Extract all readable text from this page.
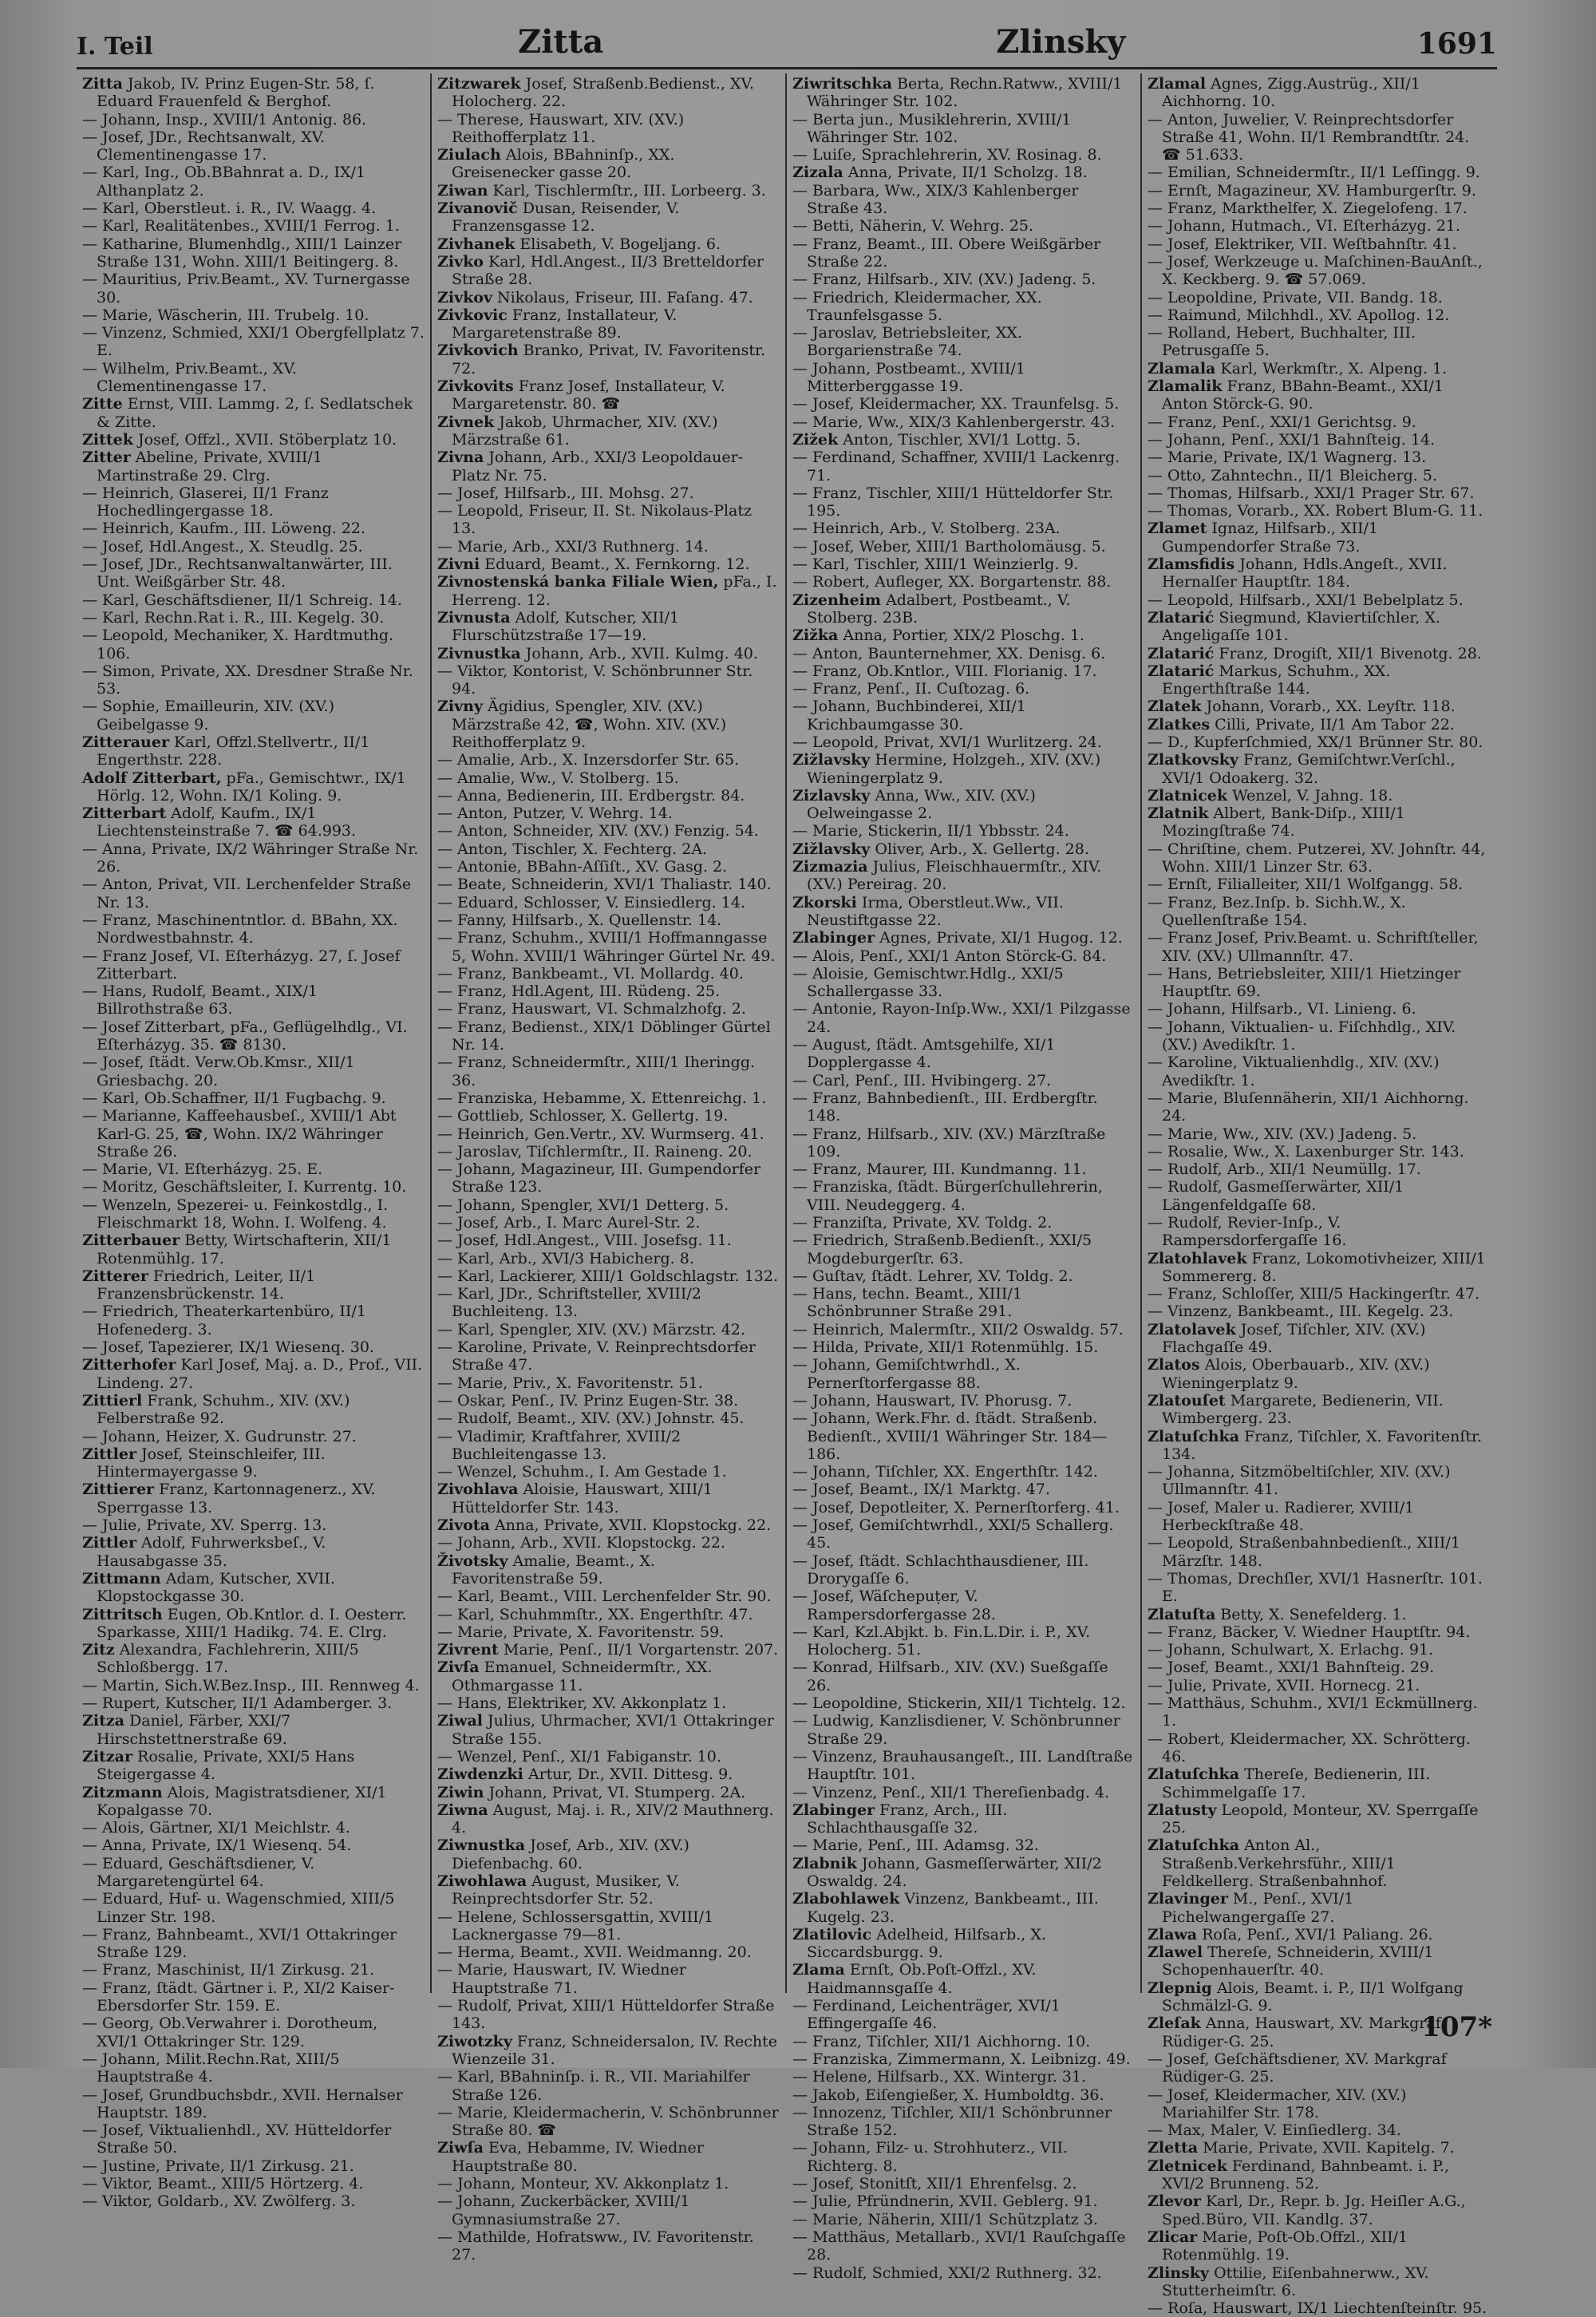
I. Teil	Zitta	Zlinsky	1691

Zitta Jakob, IV. Prinz Eugen-Str. 58, ſ. Eduard Frauenfeld & Berghof.

— Johann, Insp., XVIII/1 Antonig. 86.

— Josef, JDr., Rechtsanwalt, XV. Clementinengasse 17.

— Karl, Ing., Ob.BBahnrat a. D., IX/1 Althanplatz 2.

— Karl, Oberstleut. i. R., IV. Waagg. 4.

— Karl, Realitätenbes., XVIII/1 Ferrog. 1.

— Katharine, Blumenhdlg., XIII/1 Lainzer Straße 131, Wohn. XIII/1 Beitingerg. 8.

— Mauritius, Priv.Beamt., XV. Turnergasse 30.

— Marie, Wäscherin, III. Trubelg. 10.

— Vinzenz, Schmied, XXI/1 Obergfellplatz 7. E.

— Wilhelm, Priv.Beamt., XV. Clementinengasse 17.

Zitte Ernst, VIII. Lammg. 2, ſ. Sedlatschek & Zitte.

Zittek Josef, Offzl., XVII. Stöberplatz 10.

Zitter Abeline, Private, XVIII/1 Martinstraße 29. Clrg.

— Heinrich, Glaserei, II/1 Franz Hochedlingergasse 18.

— Heinrich, Kaufm., III. Löweng. 22.

— Josef, Hdl.Angest., X. Steudlg. 25.

— Josef, JDr., Rechtsanwaltanwärter, III. Unt. Weißgärber Str. 48.

— Karl, Geschäftsdiener, II/1 Schreig. 14.

— Karl, Rechn.Rat i. R., III. Kegelg. 30.

— Leopold, Mechaniker, X. Hardtmuthg. 106.

— Simon, Private, XX. Dresdner Straße Nr. 53.

— Sophie, Emailleurin, XIV. (XV.) Geibelgasse 9.

Zitterauer Karl, Offzl.Stellvertr., II/1 Engerthstr. 228.

Adolf Zitterbart, pFa., Gemischtwr., IX/1 Hörlg. 12, Wohn. IX/1 Koling. 9.

Zitterbart Adolf, Kaufm., IX/1 Liechtensteinstraße 7. ☎ 64.993.

— Anna, Private, IX/2 Währinger Straße Nr. 26.

— Anton, Privat, VII. Lerchenfelder Straße Nr. 13.

— Franz, Maschinentntlor. d. BBahn, XX. Nordwestbahnstr. 4.

— Franz Josef, VI. Eſterházyg. 27, ſ. Josef Zitterbart.

— Hans, Rudolf, Beamt., XIX/1 Billrothstraße 63.

— Josef Zitterbart, pFa., Geflügelhdlg., VI. Eſterházyg. 35. ☎ 8130.

— Josef, ſtädt. Verw.Ob.Kmsr., XII/1 Griesbachg. 20.

— Karl, Ob.Schaffner, II/1 Fugbachg. 9.

— Marianne, Kaffeehausbeſ., XVIII/1 Abt Karl-G. 25, ☎, Wohn. IX/2 Währinger Straße 26.

— Marie, VI. Eſterházyg. 25. E.

— Moritz, Geschäftsleiter, I. Kurrentg. 10.

— Wenzeln, Spezerei- u. Feinkostdlg., I. Fleischmarkt 18, Wohn. I. Wolfeng. 4.

Zitterbauer Betty, Wirtschafterin, XII/1 Rotenmühlg. 17.

Zitterer Friedrich, Leiter, II/1 Franzensbrückenstr. 14.

— Friedrich, Theaterkartenbüro, II/1 Hofenederg. 3.

— Josef, Tapezierer, IX/1 Wiesenq. 30.

Zitterhofer Karl Josef, Maj. a. D., Prof., VII. Lindeng. 27.

Zittierl Frank, Schuhm., XIV. (XV.) Felberstraße 92.

— Johann, Heizer, X. Gudrunstr. 27.

Zittler Josef, Steinschleifer, III. Hintermayergasse 9.

Zittierer Franz, Kartonnagenerz., XV. Sperrgasse 13.

— Julie, Private, XV. Sperrg. 13.

Zittler Adolf, Fuhrwerksbeſ., V. Hausabgasse 35.

Zittmann Adam, Kutscher, XVII. Klopstockgasse 30.

Zittritsch Eugen, Ob.Kntlor. d. I. Oesterr. Sparkasse, XIII/1 Hadikg. 74. E. Clrg.

Zitz Alexandra, Fachlehrerin, XIII/5 Schloßbergg. 17.

— Martin, Sich.W.Bez.Insp., III. Rennweg 4.

— Rupert, Kutscher, II/1 Adamberger. 3.

Zitza Daniel, Färber, XXI/7 Hirschstettnerstraße 69.

Zitzar Rosalie, Private, XXI/5 Hans Steigergasse 4.

Zitzmann Alois, Magistratsdiener, XI/1 Kopalgasse 70.

— Alois, Gärtner, XI/1 Meichlstr. 4.

— Anna, Private, IX/1 Wiesenq. 54.

— Eduard, Geschäftsdiener, V. Margaretengürtel 64.

— Eduard, Huf- u. Wagenschmied, XIII/5 Linzer Str. 198.

— Franz, Bahnbeamt., XVI/1 Ottakringer Straße 129.

— Franz, Maschinist, II/1 Zirkusg. 21.

— Franz, ſtädt. Gärtner i. P., XI/2 Kaiser-Ebersdorfer Str. 159. E.

— Georg, Ob.Verwahrer i. Dorotheum, XVI/1 Ottakringer Str. 129.

— Johann, Milit.Rechn.Rat, XIII/5 Hauptstraße 4.

— Josef, Grundbuchsbdr., XVII. Hernalser Hauptstr. 189.

— Josef, Viktualienhdl., XV. Hütteldorfer Straße 50.

— Justine, Private, II/1 Zirkusg. 21.

— Viktor, Beamt., XIII/5 Hörtzerg. 4.

— Viktor, Goldarb., XV. Zwölferg. 3.

Zitzwarek Josef, Straßenb.Bedienst., XV. Holocherg. 22.

— Therese, Hauswart, XIV. (XV.) Reithofferplatz 11.

Ziulach Alois, BBahninſp., XX. Greisenecker gasse 20.

Ziwan Karl, Tischlermſtr., III. Lorbeerg. 3.

Zivanovič Dusan, Reisender, V. Franzensgasse 12.

Zivhanek Elisabeth, V. Bogeljang. 6.

Zivko Karl, Hdl.Angest., II/3 Bretteldorfer Straße 28.

Zivkov Nikolaus, Friseur, III. Faſang. 47.

Zivkovic Franz, Installateur, V. Margaretenstraße 89.

Zivkovich Branko, Privat, IV. Favoritenstr. 72.

Zivkovits Franz Josef, Installateur, V. Margaretenstr. 80. ☎

Zivnek Jakob, Uhrmacher, XIV. (XV.) Märzstraße 61.

Zivna Johann, Arb., XXI/3 Leopoldauer-Platz Nr. 75.

— Josef, Hilfsarb., III. Mohsg. 27.

— Leopold, Friseur, II. St. Nikolaus-Platz 13.

— Marie, Arb., XXI/3 Ruthnerg. 14.

Zivni Eduard, Beamt., X. Fernkorng. 12.

Zivnostenská banka Filiale Wien, pFa., I. Herreng. 12.

Zivnusta Adolf, Kutscher, XII/1 Flurschützstraße 17—19.

Zivnustka Johann, Arb., XVII. Kulmg. 40.

— Viktor, Kontorist, V. Schönbrunner Str. 94.

Zivny Ägidius, Spengler, XIV. (XV.) Märzstraße 42, ☎, Wohn. XIV. (XV.) Reithofferplatz 9.

— Amalie, Arb., X. Inzersdorfer Str. 65.

— Amalie, Ww., V. Stolberg. 15.

— Anna, Bedienerin, III. Erdbergstr. 84.

— Anton, Putzer, V. Wehrg. 14.

— Anton, Schneider, XIV. (XV.) Fenzig. 54.

— Anton, Tischler, X. Fechterg. 2A.

— Antonie, BBahn-Aſſiſt., XV. Gasg. 2.

— Beate, Schneiderin, XVI/1 Thaliastr. 140.

— Eduard, Schlosser, V. Einsiedlerg. 14.

— Fanny, Hilfsarb., X. Quellenstr. 14.

— Franz, Schuhm., XVIII/1 Hoffmanngasse 5, Wohn. XVIII/1 Währinger Gürtel Nr. 49.

— Franz, Bankbeamt., VI. Mollardg. 40.

— Franz, Hdl.Agent, III. Rüdeng. 25.

— Franz, Hauswart, VI. Schmalzhofg. 2.

— Franz, Bedienst., XIX/1 Döblinger Gürtel Nr. 14.

— Franz, Schneidermſtr., XIII/1 Iheringg. 36.

— Franziska, Hebamme, X. Ettenreichg. 1.

— Gottlieb, Schlosser, X. Gellertg. 19.

— Heinrich, Gen.Vertr., XV. Wurmserg. 41.

— Jaroslav, Tiſchlermſtr., II. Raineng. 20.

— Johann, Magazineur, III. Gumpendorfer Straße 123.

— Johann, Spengler, XVI/1 Detterg. 5.

— Josef, Arb., I. Marc Aurel-Str. 2.

— Josef, Hdl.Angest., VIII. Josefsg. 11.

— Karl, Arb., XVI/3 Habicherg. 8.

— Karl, Lackierer, XIII/1 Goldschlagstr. 132.

— Karl, JDr., Schriftsteller, XVIII/2 Buchleiteng. 13.

— Karl, Spengler, XIV. (XV.) Märzstr. 42.

— Karoline, Private, V. Reinprechtsdorfer Straße 47.

— Marie, Priv., X. Favoritenstr. 51.

— Oskar, Penſ., IV. Prinz Eugen-Str. 38.

— Rudolf, Beamt., XIV. (XV.) Johnstr. 45.

— Vladimir, Kraftfahrer, XVIII/2 Buchleitengasse 13.

— Wenzel, Schuhm., I. Am Gestade 1.

Zivohlava Aloisie, Hauswart, XIII/1 Hütteldorfer Str. 143.

Zivota Anna, Private, XVII. Klopstockg. 22.

— Johann, Arb., XVII. Klopstockg. 22.

Životsky Amalie, Beamt., X. Favoritenstraße 59.

— Karl, Beamt., VIII. Lerchenfelder Str. 90.

— Karl, Schuhmmſtr., XX. Engerthſtr. 47.

— Marie, Private, X. Favoritenstr. 59.

Zivrent Marie, Penſ., II/1 Vorgartenstr. 207.

Zivſa Emanuel, Schneidermſtr., XX. Othmargasse 11.

— Hans, Elektriker, XV. Akkonplatz 1.

Ziwal Julius, Uhrmacher, XVI/1 Ottakringer Straße 155.

— Wenzel, Penſ., XI/1 Fabiganstr. 10.

Ziwdenzki Artur, Dr., XVII. Dittesg. 9.

Ziwin Johann, Privat, VI. Stumperg. 2A.

Ziwna August, Maj. i. R., XIV/2 Mauthnerg. 4.

Ziwnustka Josef, Arb., XIV. (XV.) Diefenbachg. 60.

Ziwohlawa August, Musiker, V. Reinprechtsdorfer Str. 52.

— Helene, Schlossersgattin, XVIII/1 Lacknergasse 79—81.

— Herma, Beamt., XVII. Weidmanng. 20.

— Marie, Hauswart, IV. Wiedner Hauptstraße 71.

— Rudolf, Privat, XIII/1 Hütteldorfer Straße 143.

Ziwotzky Franz, Schneidersalon, IV. Rechte Wienzeile 31.

— Karl, BBahninſp. i. R., VII. Mariahilfer Straße 126.

— Marie, Kleidermacherin, V. Schönbrunner Straße 80. ☎

Ziwſa Eva, Hebamme, IV. Wiedner Hauptstraße 80.

— Johann, Monteur, XV. Akkonplatz 1.

— Johann, Zuckerbäcker, XVIII/1 Gymnasiumstraße 27.

— Mathilde, Hofratsww., IV. Favoritenstr. 27.

Ziwritschka Berta, Rechn.Ratww., XVIII/1 Währinger Str. 102.

— Berta jun., Musiklehrerin, XVIII/1 Währinger Str. 102.

— Luiſe, Sprachlehrerin, XV. Rosinag. 8.

Zizala Anna, Private, II/1 Scholzg. 18.

— Barbara, Ww., XIX/3 Kahlenberger Straße 43.

— Betti, Näherin, V. Wehrg. 25.

— Franz, Beamt., III. Obere Weißgärber Straße 22.

— Franz, Hilfsarb., XIV. (XV.) Jadeng. 5.

— Friedrich, Kleidermacher, XX. Traunfelsgasse 5.

— Jaroslav, Betriebsleiter, XX. Borgarienstraße 74.

— Johann, Postbeamt., XVIII/1 Mitterberggasse 19.

— Josef, Kleidermacher, XX. Traunfelsg. 5.

— Marie, Ww., XIX/3 Kahlenbergerstr. 43.

Zižek Anton, Tischler, XVI/1 Lottg. 5.

— Ferdinand, Schaffner, XVIII/1 Lackenrg. 71.

— Franz, Tischler, XIII/1 Hütteldorfer Str. 195.

— Heinrich, Arb., V. Stolberg. 23A.

— Josef, Weber, XIII/1 Bartholomäusg. 5.

— Karl, Tischler, XIII/1 Weinzierlg. 9.

— Robert, Aufleger, XX. Borgartenstr. 88.

Zizenheim Adalbert, Postbeamt., V. Stolberg. 23B.

Zižka Anna, Portier, XIX/2 Ploschg. 1.

— Anton, Baunternehmer, XX. Denisg. 6.

— Franz, Ob.Kntlor., VIII. Florianig. 17.

— Franz, Penſ., II. Cuſtozag. 6.

— Johann, Buchbinderei, XII/1 Krichbaumgasse 30.

— Leopold, Privat, XVI/1 Wurlitzerg. 24.

Zižlavsky Hermine, Holzgeh., XIV. (XV.) Wieningerplatz 9.

Zizlavsky Anna, Ww., XIV. (XV.) Oelweingasse 2.

— Marie, Stickerin, II/1 Ybbsstr. 24.

Zižlavsky Oliver, Arb., X. Gellertg. 28.

Zizmazia Julius, Fleischhauermſtr., XIV. (XV.) Pereirag. 20.

Zkorski Irma, Oberstleut.Ww., VII. Neustiftgasse 22.

Zlabinger Agnes, Private, XI/1 Hugog. 12.

— Alois, Penſ., XXI/1 Anton Störck-G. 84.

— Aloisie, Gemischtwr.Hdlg., XXI/5 Schallergasse 33.

— Antonie, Rayon-Inſp.Ww., XXI/1 Pilzgasse 24.

— August, ſtädt. Amtsgehilfe, XI/1 Dopplergasse 4.

— Carl, Penſ., III. Hvibingerg. 27.

— Franz, Bahnbedienſt., III. Erdbergſtr. 148.

— Franz, Hilfsarb., XIV. (XV.) Märzſtraße 109.

— Franz, Maurer, III. Kundmanng. 11.

— Franziska, ſtädt. Bürgerſchullehrerin, VIII. Neudeggerg. 4.

— Franziſta, Private, XV. Toldg. 2.

— Friedrich, Straßenb.Bedienſt., XXI/5 Mogdeburgerſtr. 63.

— Guſtav, ſtädt. Lehrer, XV. Toldg. 2.

— Hans, techn. Beamt., XIII/1 Schönbrunner Straße 291.

— Heinrich, Malermſtr., XII/2 Oswaldg. 57.

— Hilda, Private, XII/1 Rotenmühlg. 15.

— Johann, Gemiſchtwrhdl., X. Pernerſtorfergasse 88.

— Johann, Hauswart, IV. Phorusg. 7.

— Johann, Werk.Fhr. d. ſtädt. Straßenb. Bedienſt., XVIII/1 Währinger Str. 184—186.

— Johann, Tiſchler, XX. Engerthſtr. 142.

— Josef, Beamt., IX/1 Marktg. 47.

— Josef, Depotleiter, X. Pernerſtorferg. 41.

— Josef, Gemiſchtwrhdl., XXI/5 Schallerg. 45.

— Josef, ſtädt. Schlachthausdiener, III. Drorygaſſe 6.

— Josef, Wäſchepuṭer, V. Rampersdorfergasse 28.

— Karl, Kzl.Abjkt. b. Fin.L.Dir. i. P., XV. Holocherg. 51.

— Konrad, Hilfsarb., XIV. (XV.) Sueßgaſſe 26.

— Leopoldine, Stickerin, XII/1 Tichtelg. 12.

— Ludwig, Kanzlisdiener, V. Schönbrunner Straße 29.

— Vinzenz, Brauhausangeſt., III. Landſtraße Hauptſtr. 101.

— Vinzenz, Penſ., XII/1 Thereſienbadg. 4.

Zlabinger Franz, Arch., III. Schlachthausgaſſe 32.

— Marie, Penſ., III. Adamsg. 32.

Zlabnik Johann, Gasmeſſerwärter, XII/2 Oswaldg. 24.

Zlabohlawek Vinzenz, Bankbeamt., III. Kugelg. 23.

Zlatilovic Adelheid, Hilfsarb., X. Siccardsburgg. 9.

Zlama Ernſt, Ob.Poſt-Offzl., XV. Haidmannsgaſſe 4.

— Ferdinand, Leichenträger, XVI/1 Effingergaſſe 46.

— Franz, Tiſchler, XII/1 Aichhorng. 10.

— Franziska, Zimmermann, X. Leibnizg. 49.

— Helene, Hilfsarb., XX. Wintergr. 31.

— Jakob, Eiſengießer, X. Humboldtg. 36.

— Innozenz, Tiſchler, XII/1 Schönbrunner Straße 152.

— Johann, Filz- u. Strohhuterz., VII. Richterg. 8.

— Josef, Stonitſt, XII/1 Ehrenfelsg. 2.

— Julie, Pfründnerin, XVII. Geblerg. 91.

— Marie, Näherin, XIII/1 Schützplatz 3.

— Matthäus, Metallarb., XVI/1 Rauſchgaſſe 28.

— Rudolf, Schmied, XXI/2 Ruthnerg. 32.

Zlamal Agnes, Zigg.Austrüg., XII/1 Aichhorng. 10.

— Anton, Juwelier, V. Reinprechtsdorfer Straße 41, Wohn. II/1 Rembrandtſtr. 24. ☎ 51.633.

— Emilian, Schneidermſtr., II/1 Leſſingg. 9.

— Ernſt, Magazineur, XV. Hamburgerſtr. 9.

— Franz, Markthelfer, X. Ziegelofeng. 17.

— Johann, Hutmach., VI. Eſterházyg. 21.

— Josef, Elektriker, VII. Weſtbahnſtr. 41.

— Josef, Werkzeuge u. Maſchinen-BauAnſt., X. Keckberg. 9. ☎ 57.069.

— Leopoldine, Private, VII. Bandg. 18.

— Raimund, Milchhdl., XV. Apollog. 12.

— Rolland, Hebert, Buchhalter, III. Petrusgaſſe 5.

Zlamala Karl, Werkmſtr., X. Alpeng. 1.

Zlamalik Franz, BBahn-Beamt., XXI/1 Anton Störck-G. 90.

— Franz, Penſ., XXI/1 Gerichtsg. 9.

— Johann, Penſ., XXI/1 Bahnſteig. 14.

— Marie, Private, IX/1 Wagnerg. 13.

— Otto, Zahntechn., II/1 Bleicherg. 5.

— Thomas, Hilfsarb., XXI/1 Prager Str. 67.

— Thomas, Vorarb., XX. Robert Blum-G. 11.

Zlamet Ignaz, Hilfsarb., XII/1 Gumpendorfer Straße 73.

Zlamsfidis Johann, Hdls.Angeſt., XVII. Hernalſer Hauptſtr. 184.

— Leopold, Hilfsarb., XXI/1 Bebelplatz 5.

Zlatarić Siegmund, Klaviertiſchler, X. Angeligaſſe 101.

Zlatarić Franz, Drogiſt, XII/1 Bivenotg. 28.

Zlatarić Markus, Schuhm., XX. Engerthſtraße 144.

Zlatek Johann, Vorarb., XX. Leyſtr. 118.

Zlatkes Cilli, Private, II/1 Am Tabor 22.

— D., Kupferſchmied, XX/1 Brünner Str. 80.

Zlatkovsky Franz, Gemiſchtwr.Verſchl., XVI/1 Odoakerg. 32.

Zlatnicek Wenzel, V. Jahng. 18.

Zlatnik Albert, Bank-Diſp., XIII/1 Mozingſtraße 74.

— Chriſtine, chem. Putzerei, XV. Johnſtr. 44, Wohn. XIII/1 Linzer Str. 63.

— Ernſt, Filialleiter, XII/1 Wolfgangg. 58.

— Franz, Bez.Inſp. b. Sichh.W., X. Quellenſtraße 154.

— Franz Josef, Priv.Beamt. u. Schriftſteller, XIV. (XV.) Ullmannſtr. 47.

— Hans, Betriebsleiter, XIII/1 Hietzinger Hauptſtr. 69.

— Johann, Hilfsarb., VI. Linieng. 6.

— Johann, Viktualien- u. Fiſchhdlg., XIV. (XV.) Avedikſtr. 1.

— Karoline, Viktualienhdlg., XIV. (XV.) Avedikſtr. 1.

— Marie, Bluſennäherin, XII/1 Aichhorng. 24.

— Marie, Ww., XIV. (XV.) Jadeng. 5.

— Rosalie, Ww., X. Laxenburger Str. 143.

— Rudolf, Arb., XII/1 Neumüllg. 17.

— Rudolf, Gasmeſſerwärter, XII/1 Längenfeldgaſſe 68.

— Rudolf, Revier-Inſp., V. Rampersdorfergaſſe 16.

Zlatohlavek Franz, Lokomotivheizer, XIII/1 Sommererg. 8.

— Franz, Schloſſer, XIII/5 Hackingerſtr. 47.

— Vinzenz, Bankbeamt., III. Kegelg. 23.

Zlatolavek Josef, Tiſchler, XIV. (XV.) Flachgaſſe 49.

Zlatos Alois, Oberbauarb., XIV. (XV.) Wieningerplatz 9.

Zlatouſet Margarete, Bedienerin, VII. Wimbergerg. 23.

Zlatuſchka Franz, Tiſchler, X. Favoritenſtr. 134.

— Johanna, Sitzmöbeltiſchler, XIV. (XV.) Ullmannſtr. 41.

— Josef, Maler u. Radierer, XVIII/1 Herbeckſtraße 48.

— Leopold, Straßenbahnbedienſt., XIII/1 Märzſtr. 148.

— Thomas, Drechſler, XVI/1 Hasnerſtr. 101. E.

Zlatuſta Betty, X. Senefelderg. 1.

— Franz, Bäcker, V. Wiedner Hauptſtr. 94.

— Johann, Schulwart, X. Erlachg. 91.

— Josef, Beamt., XXI/1 Bahnſteig. 29.

— Julie, Private, XVII. Hornecg. 21.

— Matthäus, Schuhm., XVI/1 Eckmüllnerg. 1.

— Robert, Kleidermacher, XX. Schrötterg. 46.

Zlatuſchka Thereſe, Bedienerin, III. Schimmelgaſſe 17.

Zlatusty Leopold, Monteur, XV. Sperrgaſſe 25.

Zlatuſchka Anton Al., Straßenb.Verkehrsführ., XIII/1 Feldkellerg. Straßenbahnhof.

Zlavinger M., Penſ., XVI/1 Pichelwangergaſſe 27.

Zlawa Roſa, Penſ., XVI/1 Paliang. 26.

Zlawel Thereſe, Schneiderin, XVIII/1 Schopenhauerſtr. 40.

Zlepnig Alois, Beamt. i. P., II/1 Wolfgang Schmälzl-G. 9.

Zleſak Anna, Hauswart, XV. Markgraf Rüdiger-G. 25.

— Josef, Geſchäftsdiener, XV. Markgraf Rüdiger-G. 25.

— Josef, Kleidermacher, XIV. (XV.) Mariahilfer Str. 178.

— Max, Maler, V. Einſiedlerg. 34.

Zletta Marie, Private, XVII. Kapitelg. 7.

Zletnicek Ferdinand, Bahnbeamt. i. P., XVI/2 Brunneng. 52.

Zlevor Karl, Dr., Repr. b. Jg. Heiſler A.G., Sped.Büro, VII. Kandlg. 37.

Zlicar Marie, Poſt-Ob.Offzl., XII/1 Rotenmühlg. 19.

Zlinsky Ottilie, Eiſenbahnerww., XV. Stutterheimſtr. 6.

— Roſa, Hauswart, IX/1 Liechtenſteinſtr. 95.

107*
